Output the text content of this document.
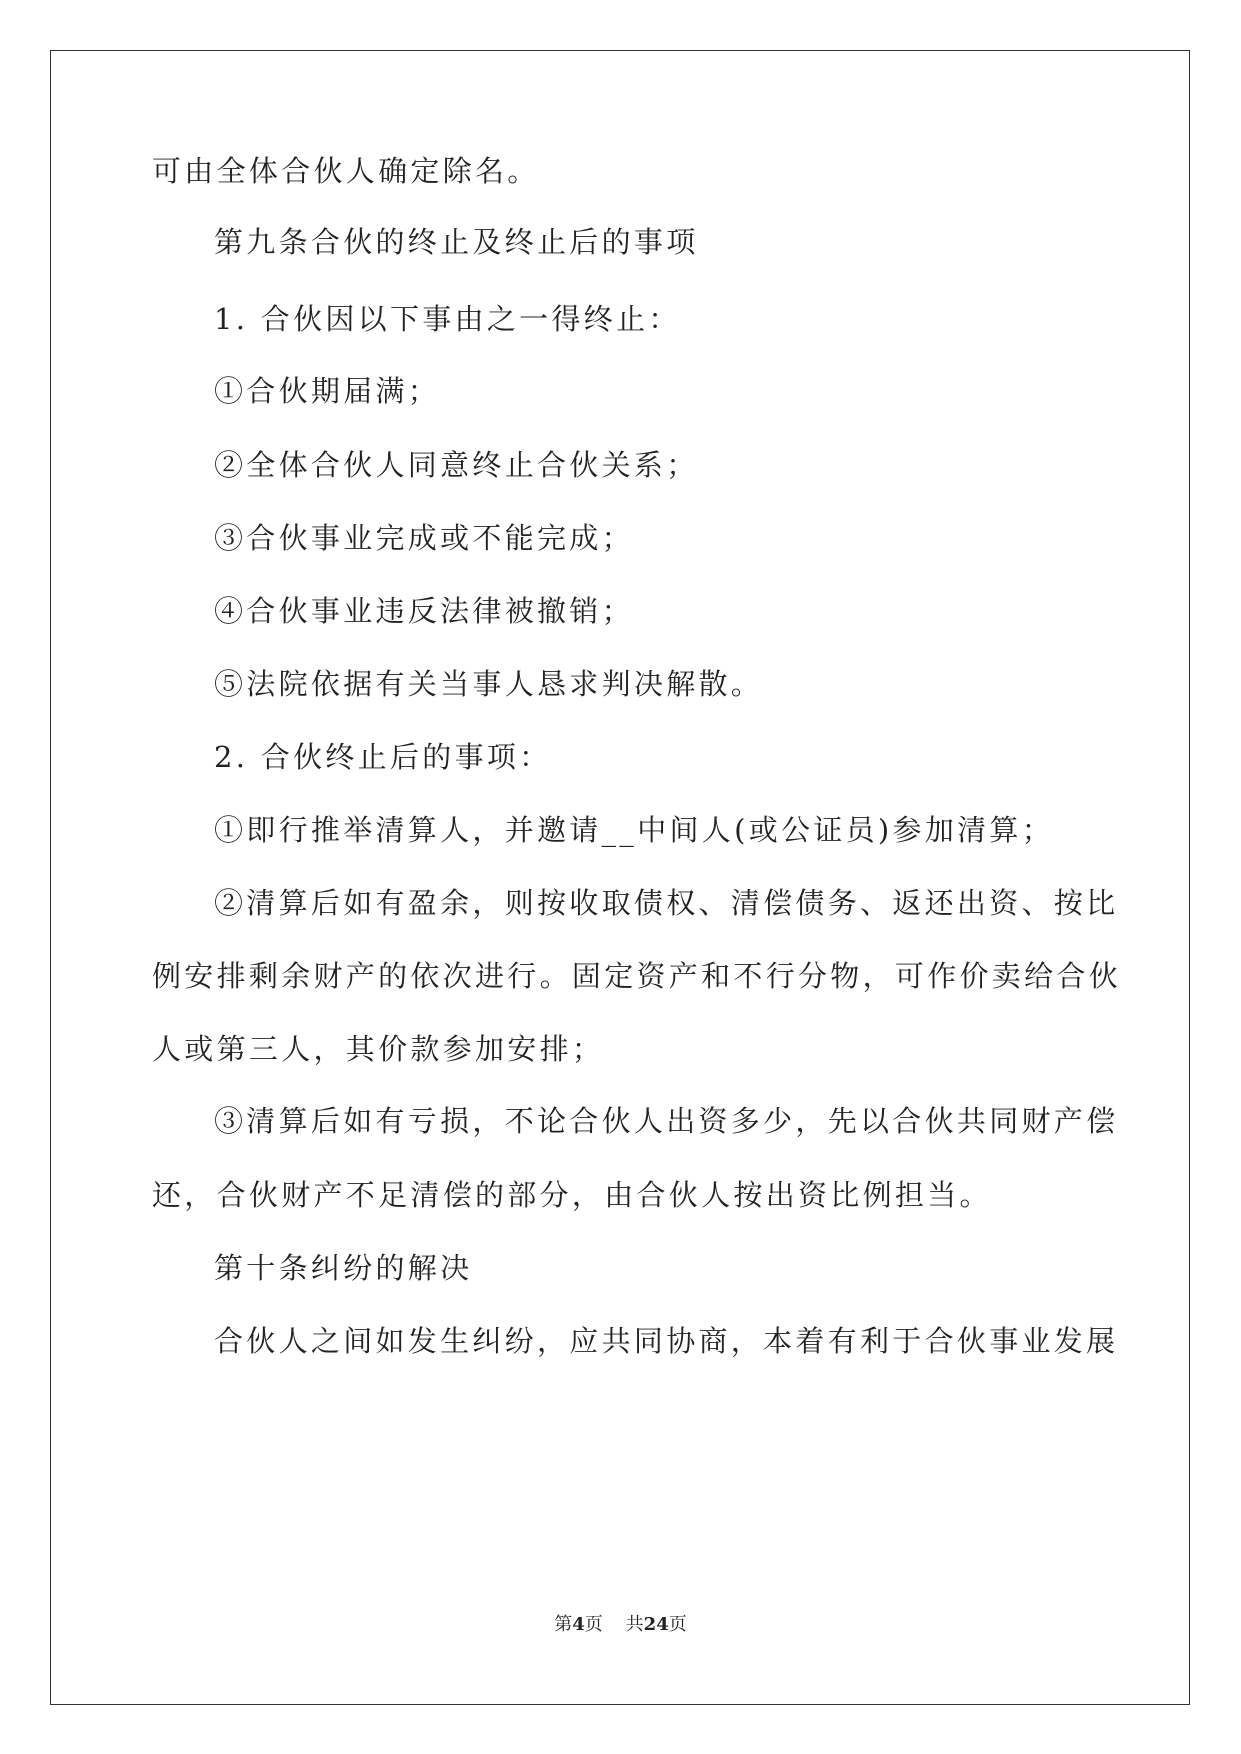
可由全体合伙人确定除名。
第九条合伙的终止及终止后的事项
1. 合伙因以下事由之一得终止：
①合伙期届满；
②全体合伙人同意终止合伙关系；
③合伙事业完成或不能完成；
④合伙事业违反法律被撤销；
⑤法院依据有关当事人恳求判决解散。
2. 合伙终止后的事项：
①即行推举清算人，并邀请__中间人(或公证员)参加清算；
②清算后如有盈余，则按收取债权、清偿债务、返还出资、按比
例安排剩余财产的依次进行。固定资产和不行分物，可作价卖给合伙
人或第三人，其价款参加安排；
③清算后如有亏损，不论合伙人出资多少，先以合伙共同财产偿
还，合伙财产不足清偿的部分，由合伙人按出资比例担当。
第十条纠纷的解决
合伙人之间如发生纠纷，应共同协商，本着有利于合伙事业发展
第4页 共24页
